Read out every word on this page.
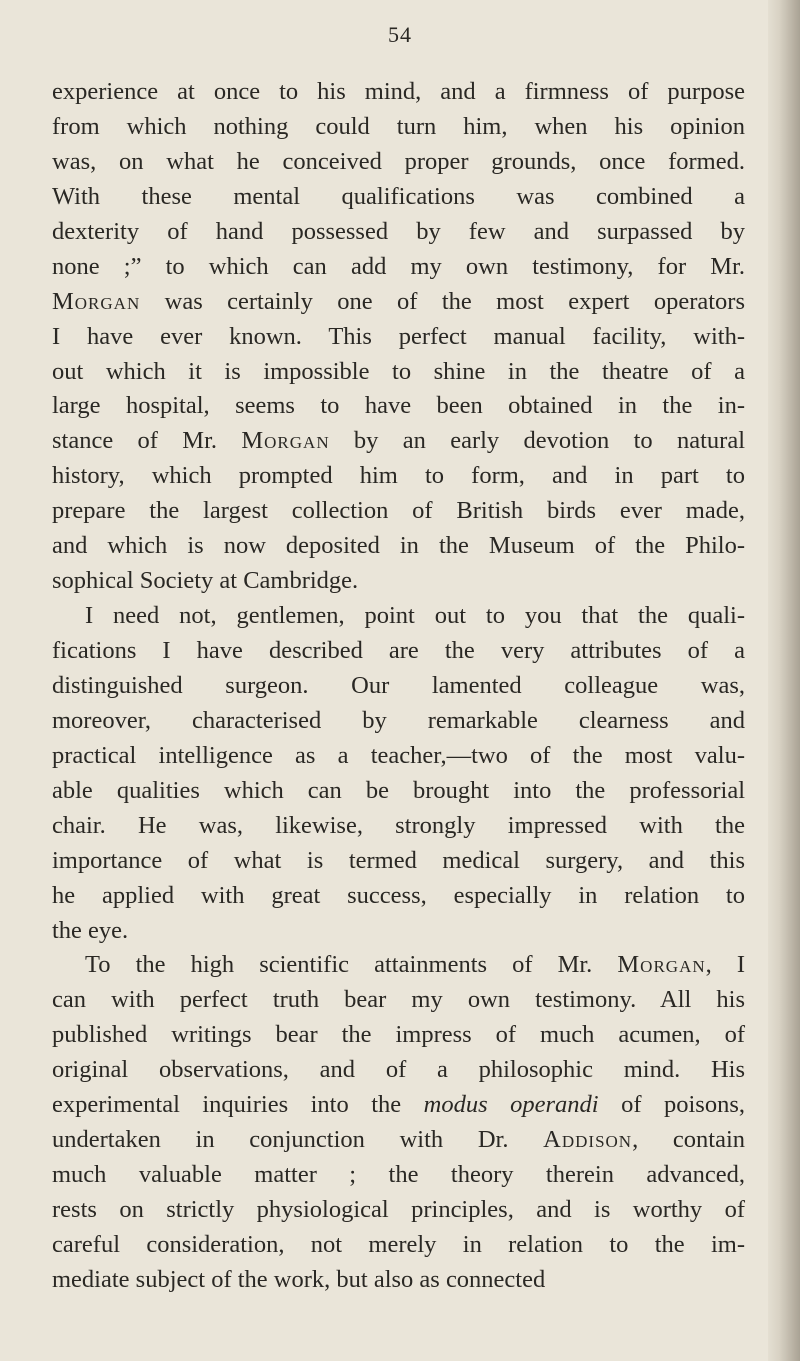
54
experience at once to his mind, and a firmness of purpose
from which nothing could turn him, when his opinion
was, on what he conceived proper grounds, once formed.
With these mental qualifications was combined a
dexterity of hand possessed by few and surpassed by
none ;” to which can add my own testimony, for Mr.
Morgan was certainly one of the most expert operators
I have ever known. This perfect manual facility, with-
out which it is impossible to shine in the theatre of a
large hospital, seems to have been obtained in the in-
stance of Mr. Morgan by an early devotion to natural
history, which prompted him to form, and in part to
prepare the largest collection of British birds ever made,
and which is now deposited in the Museum of the Philo-
sophical Society at Cambridge.
I need not, gentlemen, point out to you that the quali-
fications I have described are the very attributes of a
distinguished surgeon. Our lamented colleague was,
moreover, characterised by remarkable clearness and
practical intelligence as a teacher,—two of the most valu-
able qualities which can be brought into the professorial
chair. He was, likewise, strongly impressed with the
importance of what is termed medical surgery, and this
he applied with great success, especially in relation to
the eye.
To the high scientific attainments of Mr. Morgan, I
can with perfect truth bear my own testimony. All his
published writings bear the impress of much acumen, of
original observations, and of a philosophic mind. His
experimental inquiries into the modus operandi of poisons,
undertaken in conjunction with Dr. Addison, contain
much valuable matter ; the theory therein advanced,
rests on strictly physiological principles, and is worthy of
careful consideration, not merely in relation to the im-
mediate subject of the work, but also as connected
